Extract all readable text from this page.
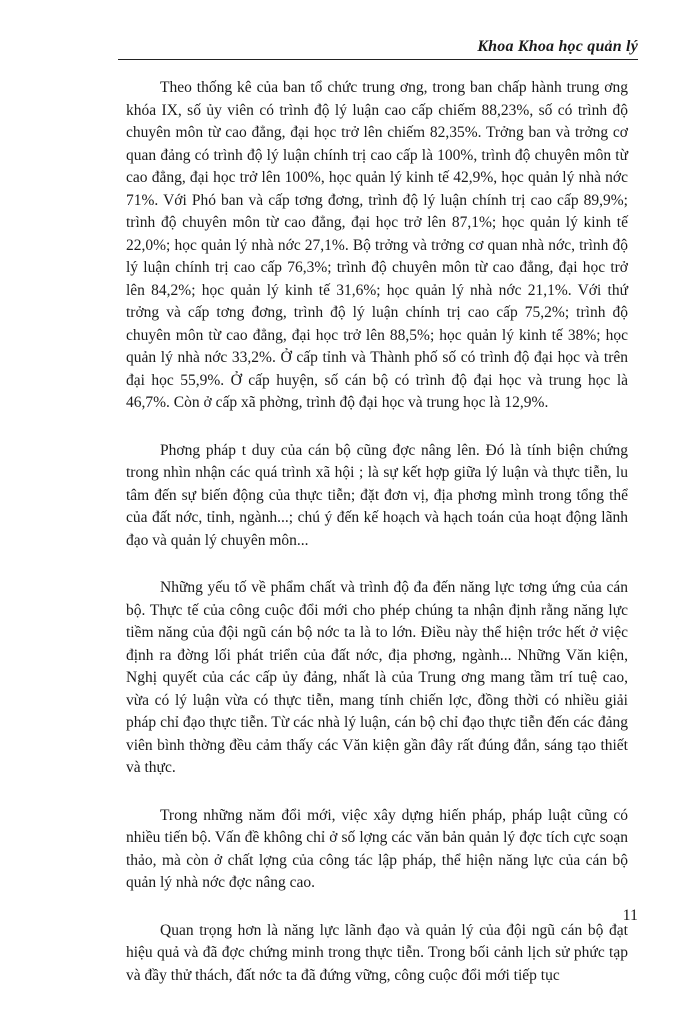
Khoa Khoa học quản lý

Theo thống kê của ban tổ chức trung ơng, trong ban chấp hành trung ơng khóa IX, số ủy viên có trình độ lý luận cao cấp chiếm 88,23%, số có trình độ chuyên môn từ cao đẳng, đại học trở lên chiếm 82,35%. Trởng ban và trởng cơ quan đảng có trình độ lý luận chính trị cao cấp là 100%, trình độ chuyên môn từ cao đẳng, đại học trở lên 100%, học quản lý kinh tế 42,9%, học quản lý nhà nớc 71%. Với Phó ban và cấp tơng đơng, trình độ lý luận chính trị cao cấp 89,9%; trình độ chuyên môn từ cao đẳng, đại học trở lên 87,1%; học quản lý kinh tế 22,0%; học quản lý nhà nớc 27,1%. Bộ trởng và trởng cơ quan nhà nớc, trình độ lý luận chính trị cao cấp 76,3%; trình độ chuyên môn từ cao đẳng, đại học trở lên 84,2%; học quản lý kinh tế 31,6%; học quản lý nhà nớc 21,1%. Với thứ trởng và cấp tơng đơng, trình độ lý luận chính trị cao cấp 75,2%; trình độ chuyên môn từ cao đẳng, đại học trở lên 88,5%; học quản lý kinh tế 38%; học quản lý nhà nớc 33,2%. Ở cấp tỉnh và Thành phố số có trình độ đại học và trên đại học 55,9%. Ở cấp huyện, số cán bộ có trình độ đại học và trung học là 46,7%. Còn ở cấp xã phờng, trình độ đại học và trung học là 12,9%.

Phơng pháp t duy của cán bộ cũng đợc nâng lên. Đó là tính biện chứng trong nhìn nhận các quá trình xã hội ; là sự kết hợp giữa lý luận và thực tiễn, lu tâm đến sự biến động của thực tiễn; đặt đơn vị, địa phơng mình trong tổng thể của đất nớc, tỉnh, ngành...; chú ý đến kế hoạch và hạch toán của hoạt động lãnh đạo và quản lý chuyên môn...

Những yếu tố về phẩm chất và trình độ đa đến năng lực tơng ứng của cán bộ. Thực tế của công cuộc đổi mới cho phép chúng ta nhận định rằng năng lực tiềm năng của đội ngũ cán bộ nớc ta là to lớn. Điều này thể hiện trớc hết ở việc định ra đờng lối phát triển của đất nớc, địa phơng, ngành... Những Văn kiện, Nghị quyết của các cấp ủy đảng, nhất là của Trung ơng mang tầm trí tuệ cao, vừa có lý luận vừa có thực tiễn, mang tính chiến lợc, đồng thời có nhiều giải pháp chỉ đạo thực tiễn. Từ các nhà lý luận, cán bộ chỉ đạo thực tiễn đến các đảng viên bình thờng đều cảm thấy các Văn kiện gần đây rất đúng đắn, sáng tạo thiết và thực.

Trong những năm đổi mới, việc xây dựng hiến pháp, pháp luật cũng có nhiều tiến bộ. Vấn đề không chỉ ở số lợng các văn bản quản lý đợc tích cực soạn thảo, mà còn ở chất lợng của công tác lập pháp, thể hiện năng lực của cán bộ quản lý nhà nớc đợc nâng cao.

Quan trọng hơn là năng lực lãnh đạo và quản lý của đội ngũ cán bộ đạt hiệu quả và đã đợc chứng minh trong thực tiễn. Trong bối cảnh lịch sử phức tạp và đầy thử thách, đất nớc ta đã đứng vững, công cuộc đổi mới tiếp tục

11
